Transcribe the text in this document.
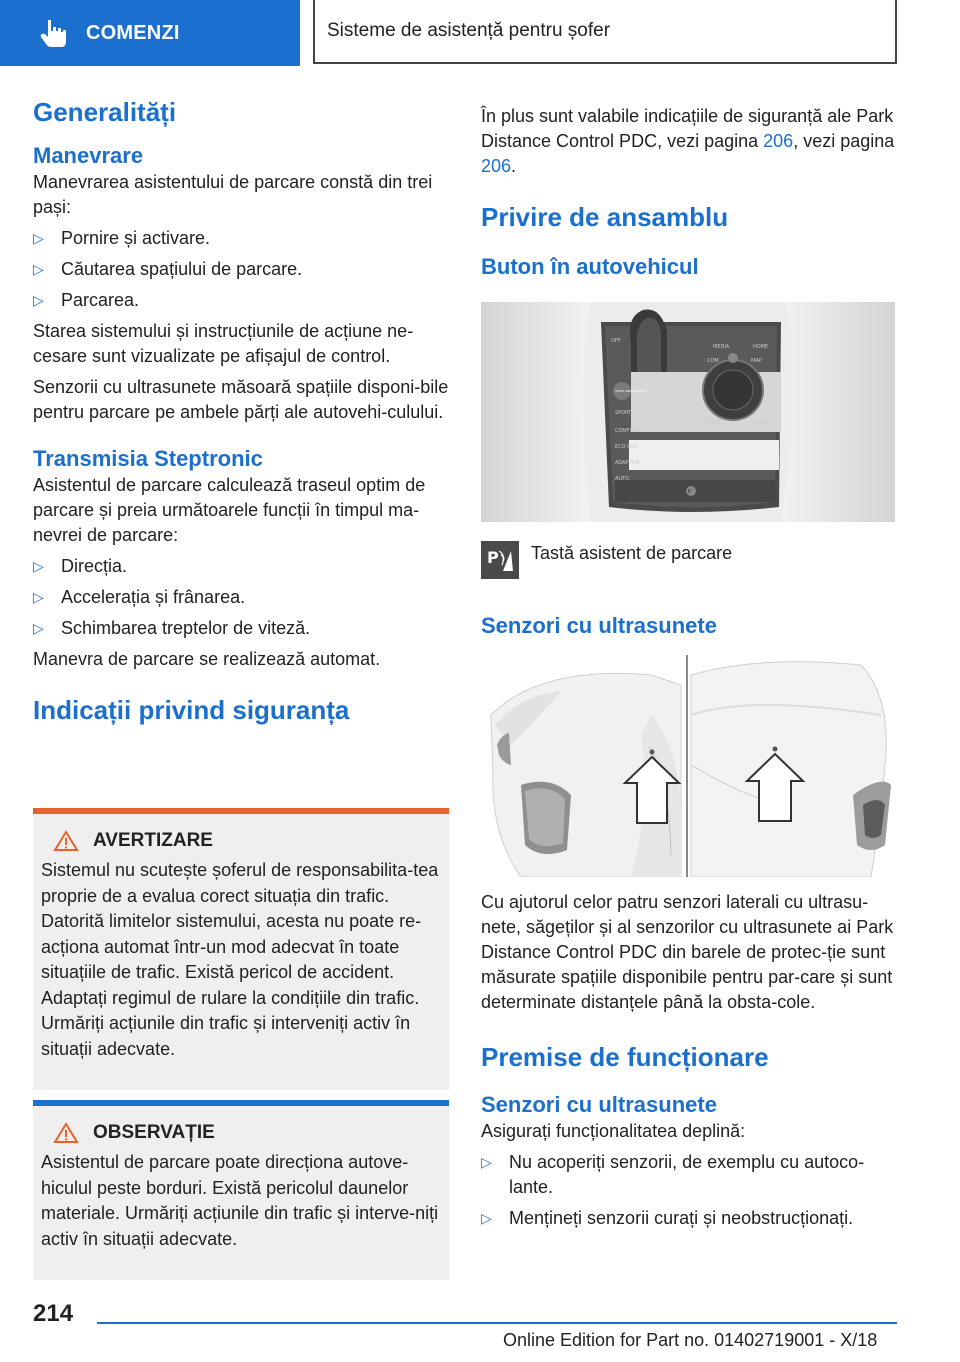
COMENZI	Sisteme de asistență pentru șofer
Generalități
Manevrare

Manevrarea asistentului de parcare constă din trei pași:

▷ Pornire și activare.
▷ Căutarea spațiului de parcare.
▷ Parcarea.

Starea sistemului și instrucțiunile de acțiune ne-cesare sunt vizualizate pe afișajul de control.

Senzorii cu ultrasunete măsoară spațiile disponi-bile pentru parcare pe ambele părți ale autovehi-culului.

Transmisia Steptronic

Asistentul de parcare calculează traseul optim de parcare și preia următoarele funcții în timpul ma-nevrei de parcare:

▷ Direcția.
▷ Accelerația și frânarea.
▷ Schimbarea treptelor de viteză.

Manevra de parcare se realizează automat.

Indicații privind siguranța
AVERTIZARE
Sistemul nu scutește șoferul de responsabilita-tea proprie de a evalua corect situația din trafic. Datorită limitelor sistemului, acesta nu poate re-acționa automat într-un mod adecvat în toate situațiile de trafic. Există pericol de accident. Adaptați regimul de rulare la condițiile din trafic. Urmăriți acțiunile din trafic și interveniți activ în situații adecvate.
OBSERVAȚIE
Asistentul de parcare poate direcționa autove-hiculul peste borduri. Există pericolul daunelor materiale. Urmăriți acțiunile din trafic și interve-niți activ în situații adecvate.

În plus sunt valabile indicațiile de siguranță ale Park Distance Control PDC, vezi pagina 206, vezi pagina 206.

Privire de ansamblu
Buton în autovehicul
OFF
MEDIA	HOME
COM	MAP
BACK	OPTION
SPORT
COMFORT
ECO PRO
ADAPTIVE
AUTO
START ENGINE STOP
P
P Tastă asistent de parcare
Senzori cu ultrasunete

Cu ajutorul celor patru senzori laterali cu ultrasu-nete, săgeților și al senzorilor cu ultrasunete ai Park Distance Control PDC din barele de protec-ție sunt măsurate spațiile disponibile pentru par-care și sunt determinate distanțele până la obsta-cole.

Premise de funcționare
Senzori cu ultrasunete

Asigurați funcționalitatea deplină:

▷ Nu acoperiți senzorii, de exemplu cu autoco-lante.
▷ Mențineți senzorii curați și neobstrucționați.
214
Online Edition for Part no. 01402719001 - X/18
